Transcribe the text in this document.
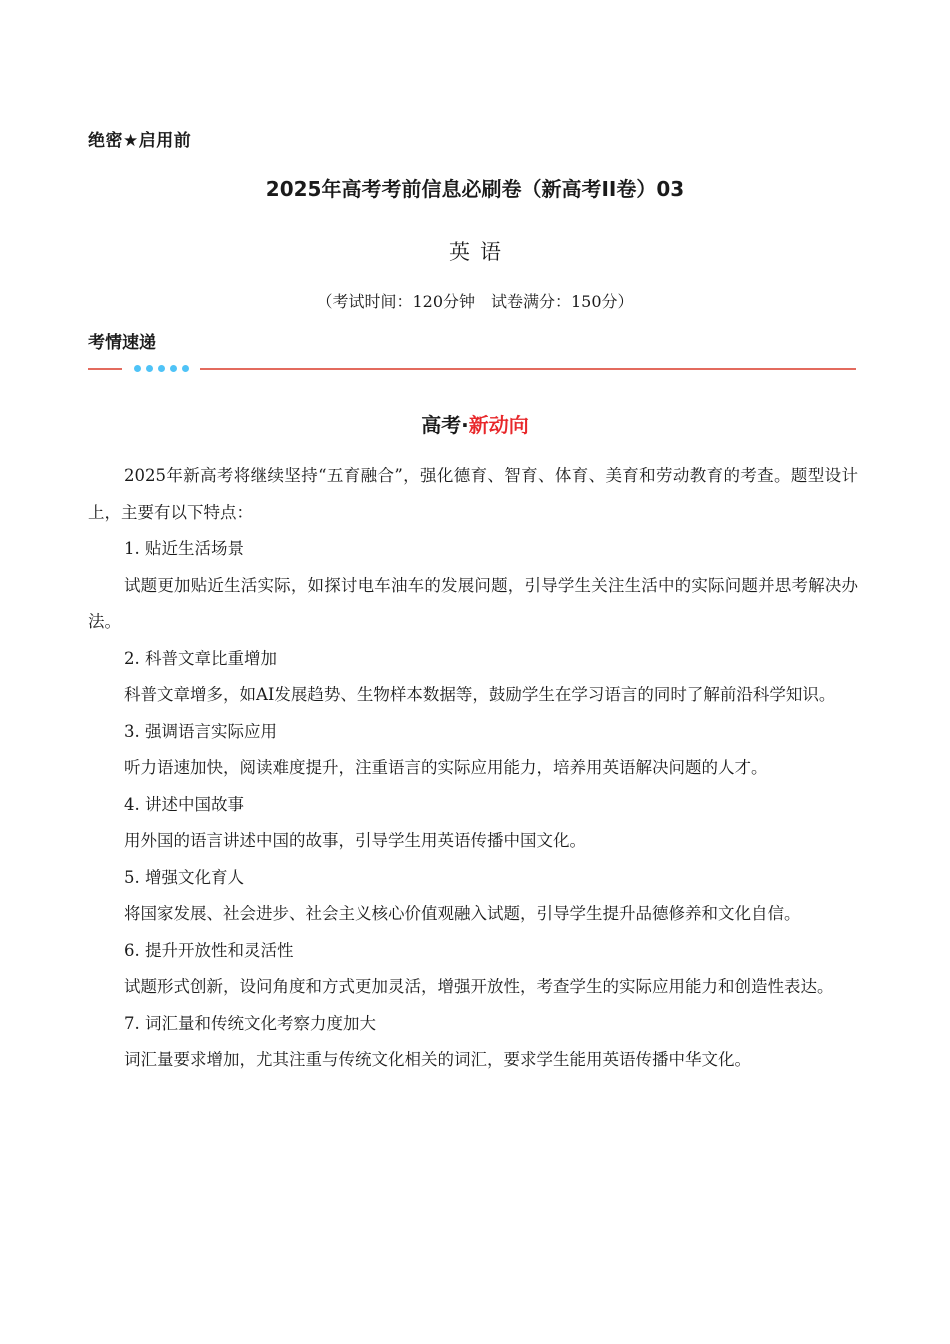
绝密★启用前
2025年高考考前信息必刷卷（新高考II卷）03
英语
（考试时间：120分钟　试卷满分：150分）
考情速递
高考·新动向

2025年新高考将继续坚持“五育融合”，强化德育、智育、体育、美育和劳动教育的考查。题型设计上，主要有以下特点：

1. 贴近生活场景

试题更加贴近生活实际，如探讨电车油车的发展问题，引导学生关注生活中的实际问题并思考解决办法。

2. 科普文章比重增加

科普文章增多，如AI发展趋势、生物样本数据等，鼓励学生在学习语言的同时了解前沿科学知识。

3. 强调语言实际应用

听力语速加快，阅读难度提升，注重语言的实际应用能力，培养用英语解决问题的人才。

4. 讲述中国故事

用外国的语言讲述中国的故事，引导学生用英语传播中国文化。

5. 增强文化育人

将国家发展、社会进步、社会主义核心价值观融入试题，引导学生提升品德修养和文化自信。

6. 提升开放性和灵活性

试题形式创新，设问角度和方式更加灵活，增强开放性，考查学生的实际应用能力和创造性表达。

7. 词汇量和传统文化考察力度加大

词汇量要求增加，尤其注重与传统文化相关的词汇，要求学生能用英语传播中华文化。
